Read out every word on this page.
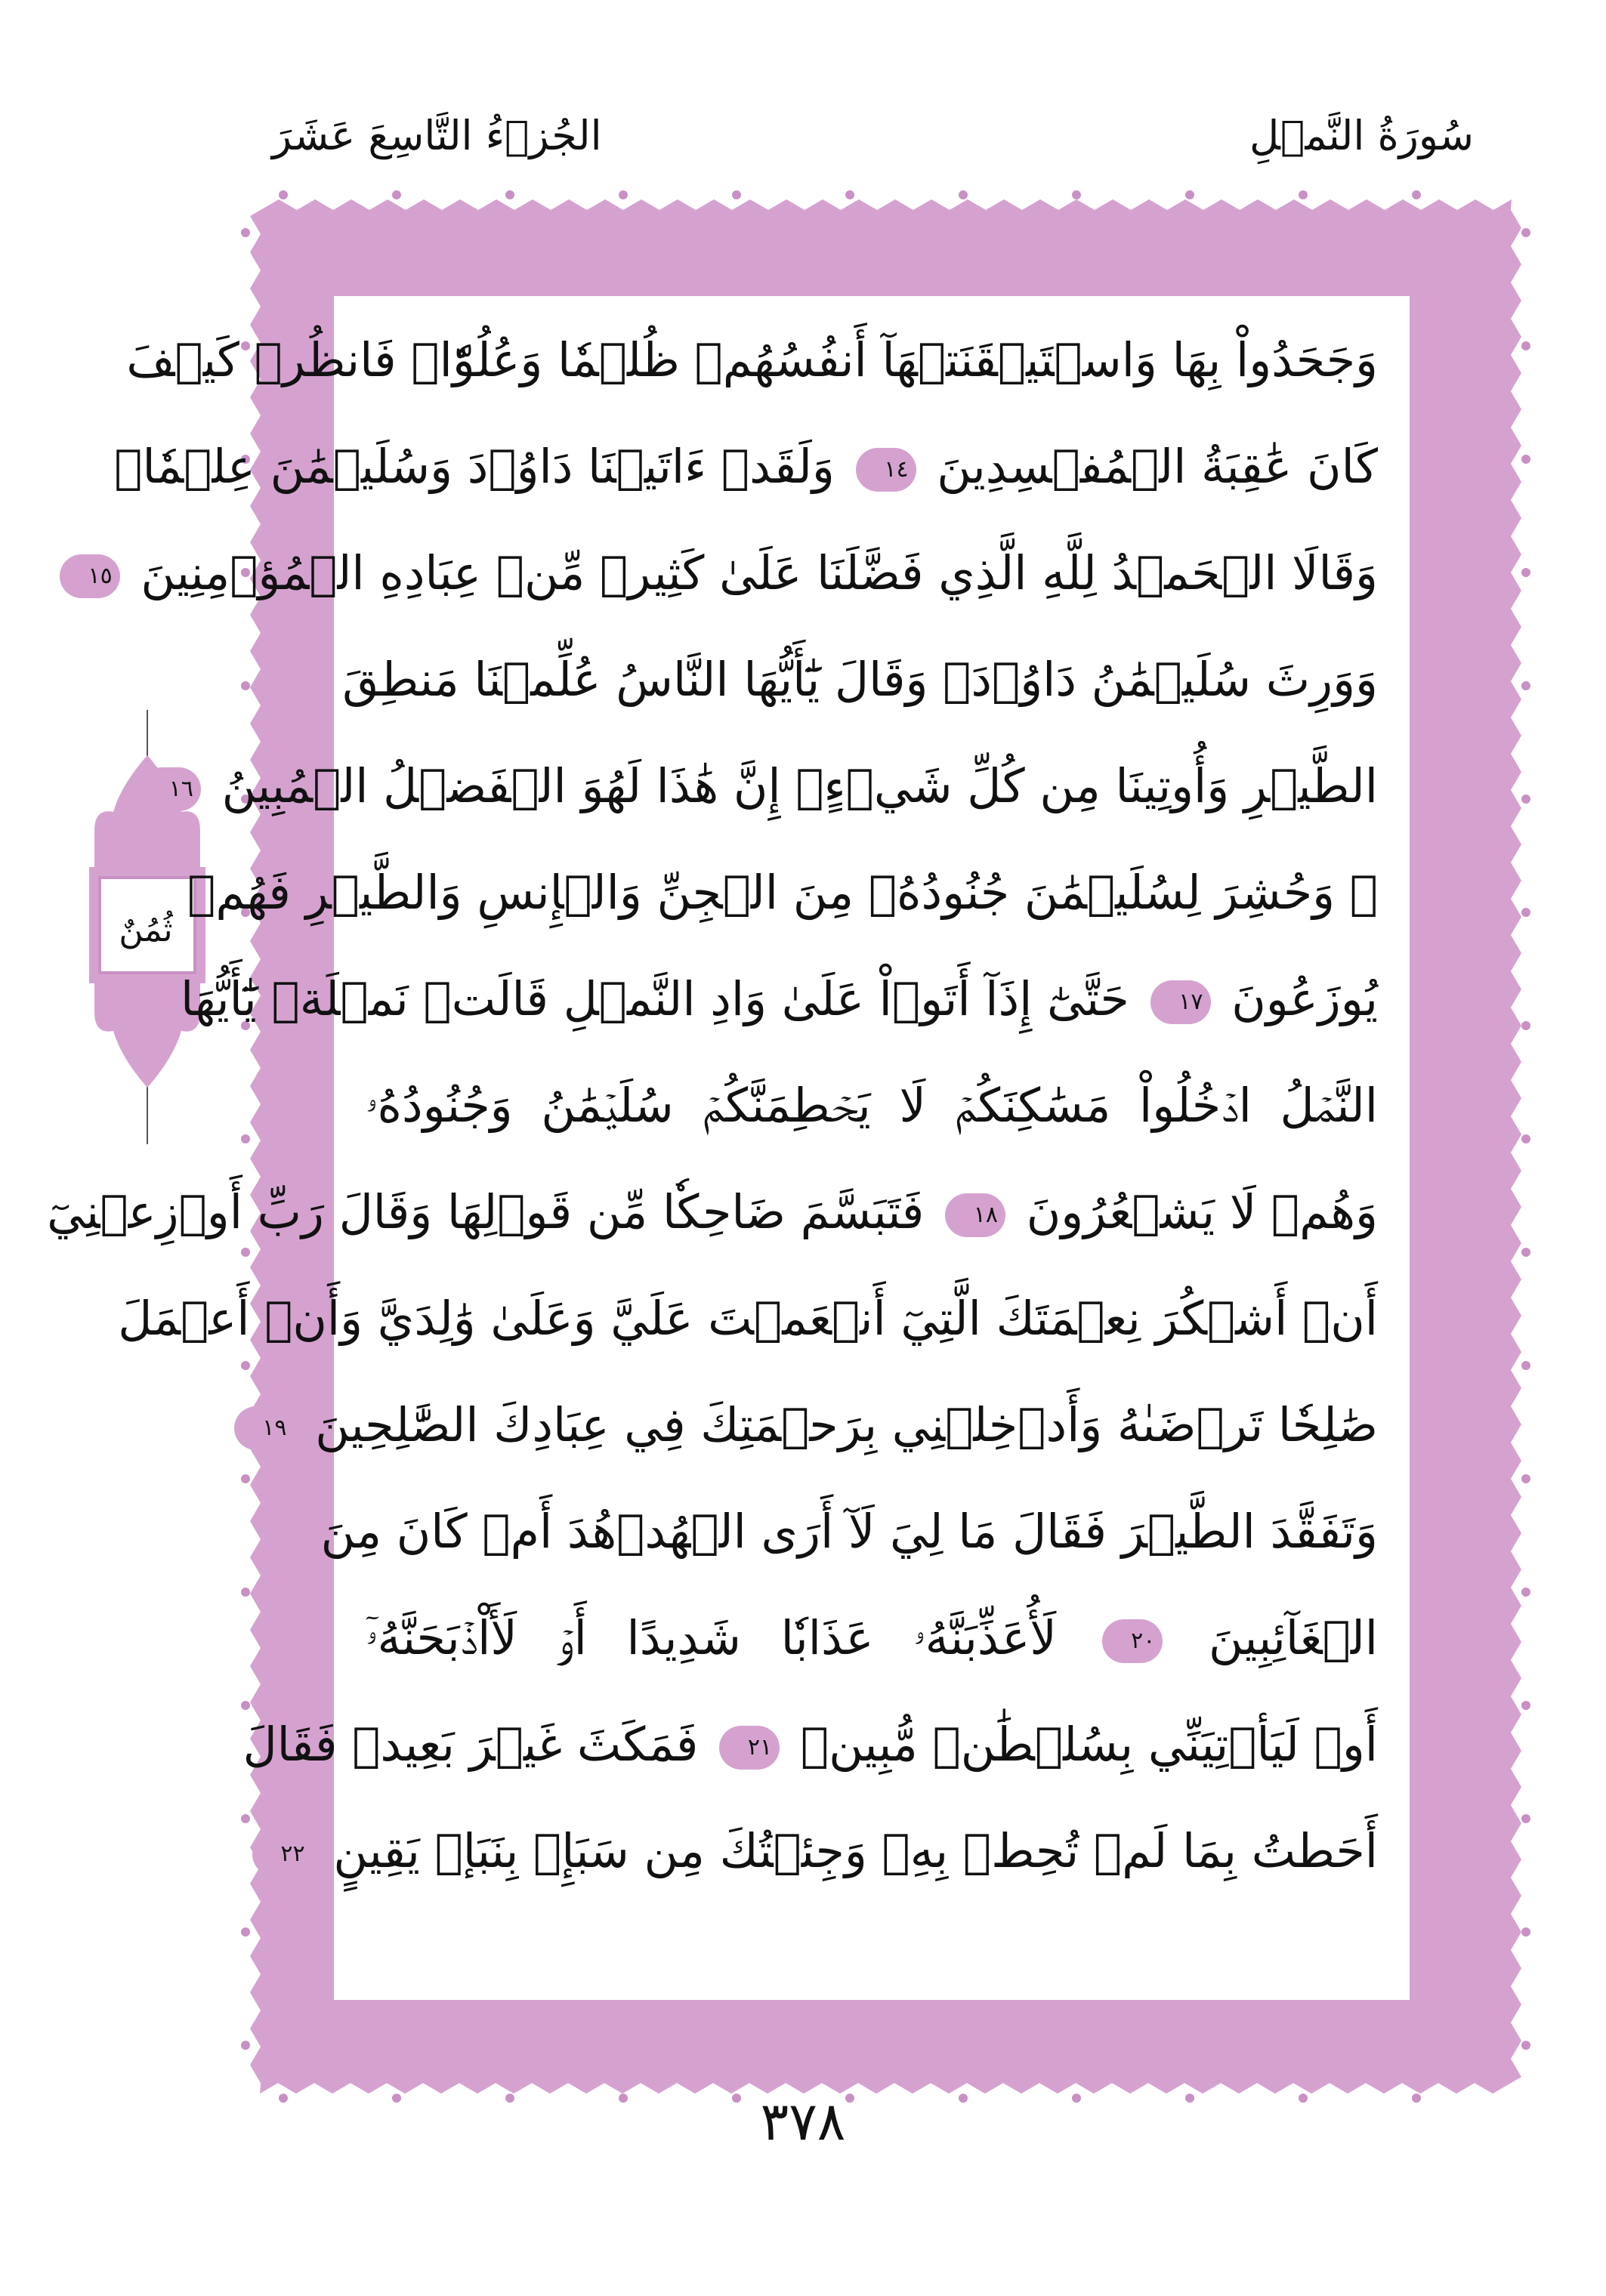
سُورَةُ النَّمۡلِ
الجُزۡءُ التَّاسِعَ عَشَرَ
ثُمُنٌ
وَجَحَدُواْ بِهَا وَاسۡتَيۡقَنَتۡهَآ أَنفُسُهُمۡ ظُلۡمٗا وَعُلُوّٗاۚ فَانظُرۡ كَيۡفَ
كَانَ عَٰقِبَةُ الۡمُفۡسِدِينَ ١٤ وَلَقَدۡ ءَاتَيۡنَا دَاوُۥدَ وَسُلَيۡمَٰنَ عِلۡمٗاۖ
وَقَالَا الۡحَمۡدُ لِلَّهِ الَّذِي فَضَّلَنَا عَلَىٰ كَثِيرٖ مِّنۡ عِبَادِهِ الۡمُؤۡمِنِينَ ١٥
وَوَرِثَ سُلَيۡمَٰنُ دَاوُۥدَۖ وَقَالَ يَٰٓأَيُّهَا النَّاسُ عُلِّمۡنَا مَنطِقَ
الطَّيۡرِ وَأُوتِينَا مِن كُلِّ شَيۡءٍۖ إِنَّ هَٰذَا لَهُوَ الۡفَضۡلُ الۡمُبِينُ ١٦
۞ وَحُشِرَ لِسُلَيۡمَٰنَ جُنُودُهُۥ مِنَ الۡجِنِّ وَالۡإِنسِ وَالطَّيۡرِ فَهُمۡ
يُوزَعُونَ ١٧ حَتَّىٰٓ إِذَآ أَتَوۡاْ عَلَىٰ وَادِ النَّمۡلِ قَالَتۡ نَمۡلَةٞ يَٰٓأَيُّهَا
النَّمۡلُ ادۡخُلُواْ مَسَٰكِنَكُمۡ لَا يَحۡطِمَنَّكُمۡ سُلَيۡمَٰنُ وَجُنُودُهُۥ
وَهُمۡ لَا يَشۡعُرُونَ ١٨ فَتَبَسَّمَ ضَاحِكٗا مِّن قَوۡلِهَا وَقَالَ رَبِّ أَوۡزِعۡنِيٓ
أَنۡ أَشۡكُرَ نِعۡمَتَكَ الَّتِيٓ أَنۡعَمۡتَ عَلَيَّ وَعَلَىٰ وَٰلِدَيَّ وَأَنۡ أَعۡمَلَ
صَٰلِحٗا تَرۡضَىٰهُ وَأَدۡخِلۡنِي بِرَحۡمَتِكَ فِي عِبَادِكَ الصَّٰلِحِينَ ١٩
وَتَفَقَّدَ الطَّيۡرَ فَقَالَ مَا لِيَ لَآ أَرَى الۡهُدۡهُدَ أَمۡ كَانَ مِنَ
الۡغَآئِبِينَ ٢٠ لَأُعَذِّبَنَّهُۥ عَذَابٗا شَدِيدًا أَوۡ لَأَاْذۡبَحَنَّهُۥٓ
أَوۡ لَيَأۡتِيَنِّي بِسُلۡطَٰنٖ مُّبِينٖ ٢١ فَمَكَثَ غَيۡرَ بَعِيدٖ فَقَالَ
أَحَطتُ بِمَا لَمۡ تُحِطۡ بِهِۦ وَجِئۡتُكَ مِن سَبَإِۭ بِنَبَإٖ يَقِينٍ ٢٢
٣٧٨
